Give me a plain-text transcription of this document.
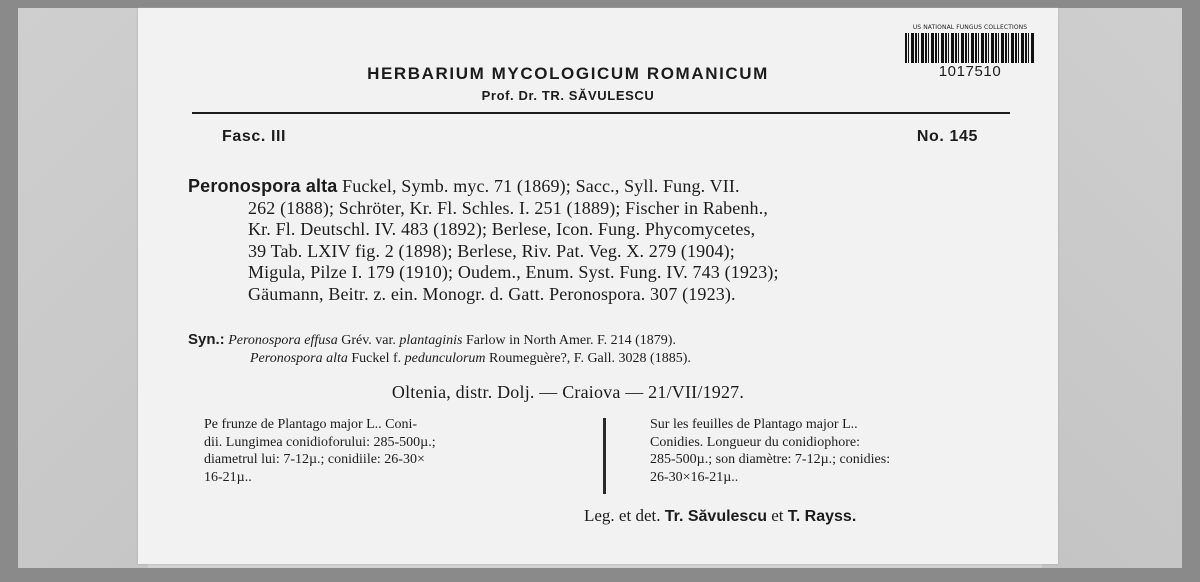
HERBARIUM MYCOLOGICUM ROMANICUM
Prof. Dr. TR. SĂVULESCU
US NATIONAL FUNGUS COLLECTIONS
1017510
Fasc. III	No. 145
Peronospora alta Fuckel, Symb. myc. 71 (1869); Sacc., Syll. Fung. VII.
262 (1888); Schröter, Kr. Fl. Schles. I. 251 (1889); Fischer in Rabenh.,
Kr. Fl. Deutschl. IV. 483 (1892); Berlese, Icon. Fung. Phycomycetes,
39 Tab. LXIV fig. 2 (1898); Berlese, Riv. Pat. Veg. X. 279 (1904);
Migula, Pilze I. 179 (1910); Oudem., Enum. Syst. Fung. IV. 743 (1923);
Gäumann, Beitr. z. ein. Monogr. d. Gatt. Peronospora. 307 (1923).
Syn.: Peronospora effusa Grév. var. plantaginis Farlow in North Amer. F. 214 (1879).
Peronospora alta Fuckel f. pedunculorum Roumeguère?, F. Gall. 3028 (1885).
Oltenia, distr. Dolj. — Craiova — 21/VII/1927.
Pe frunze de Plantago major L.. Coni-
dii. Lungimea conidioforului: 285-500µ.;
diametrul lui: 7-12µ.; conidiile: 26-30×
16-21µ..
Sur les feuilles de Plantago major L..
Conidies. Longueur du conidiophore:
285-500µ.; son diamètre: 7-12µ.; conidies:
26-30×16-21µ..
Leg. et det. Tr. Săvulescu et T. Rayss.
